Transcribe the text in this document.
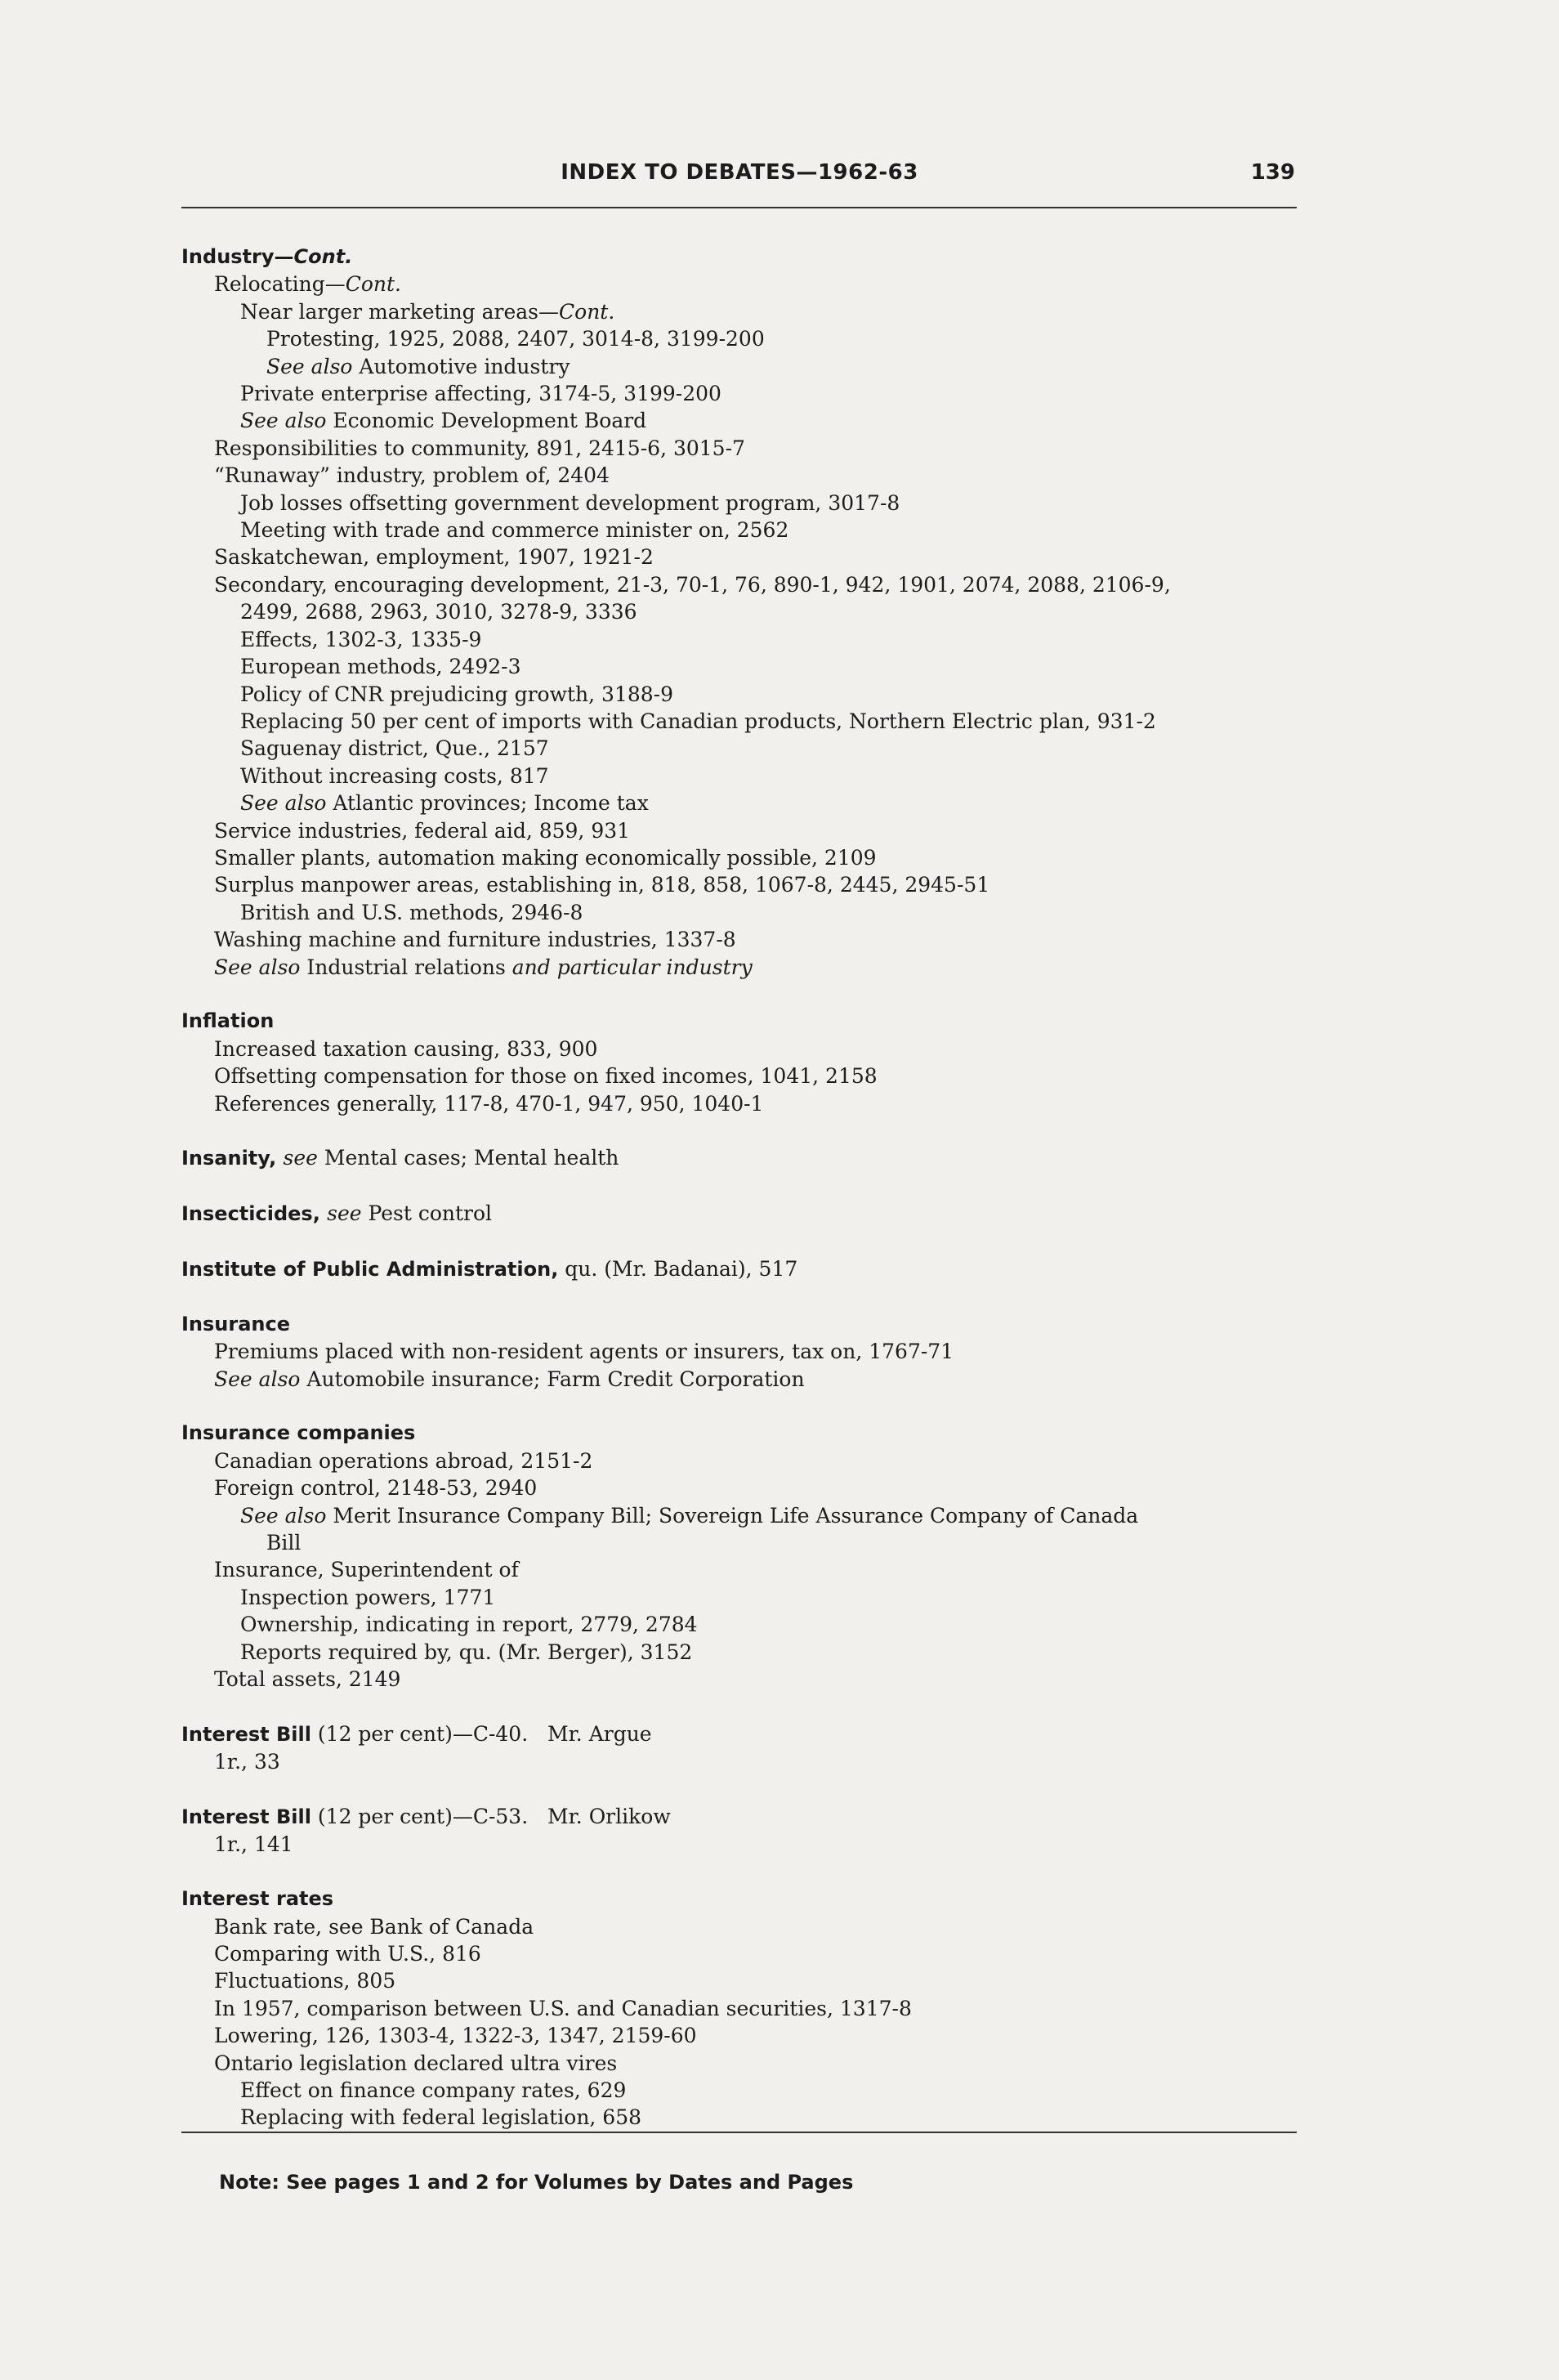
INDEX TO DEBATES—1962-63	139
Industry—Cont.
Relocating—Cont.
Near larger marketing areas—Cont.
Protesting, 1925, 2088, 2407, 3014-8, 3199-200
See also Automotive industry
Private enterprise affecting, 3174-5, 3199-200
See also Economic Development Board
Responsibilities to community, 891, 2415-6, 3015-7
“Runaway” industry, problem of, 2404
Job losses offsetting government development program, 3017-8
Meeting with trade and commerce minister on, 2562
Saskatchewan, employment, 1907, 1921-2
Secondary, encouraging development, 21-3, 70-1, 76, 890-1, 942, 1901, 2074, 2088, 2106-9,
2499, 2688, 2963, 3010, 3278-9, 3336
Effects, 1302-3, 1335-9
European methods, 2492-3
Policy of CNR prejudicing growth, 3188-9
Replacing 50 per cent of imports with Canadian products, Northern Electric plan, 931-2
Saguenay district, Que., 2157
Without increasing costs, 817
See also Atlantic provinces; Income tax
Service industries, federal aid, 859, 931
Smaller plants, automation making economically possible, 2109
Surplus manpower areas, establishing in, 818, 858, 1067-8, 2445, 2945-51
British and U.S. methods, 2946-8
Washing machine and furniture industries, 1337-8
See also Industrial relations and particular industry
Inflation
Increased taxation causing, 833, 900
Offsetting compensation for those on fixed incomes, 1041, 2158
References generally, 117-8, 470-1, 947, 950, 1040-1
Insanity, see Mental cases; Mental health
Insecticides, see Pest control
Institute of Public Administration, qu. (Mr. Badanai), 517
Insurance
Premiums placed with non-resident agents or insurers, tax on, 1767-71
See also Automobile insurance; Farm Credit Corporation
Insurance companies
Canadian operations abroad, 2151-2
Foreign control, 2148-53, 2940
See also Merit Insurance Company Bill; Sovereign Life Assurance Company of Canada
Bill
Insurance, Superintendent of
Inspection powers, 1771
Ownership, indicating in report, 2779, 2784
Reports required by, qu. (Mr. Berger), 3152
Total assets, 2149
Interest Bill (12 per cent)—C-40.   Mr. Argue
1r., 33
Interest Bill (12 per cent)—C-53.   Mr. Orlikow
1r., 141
Interest rates
Bank rate, see Bank of Canada
Comparing with U.S., 816
Fluctuations, 805
In 1957, comparison between U.S. and Canadian securities, 1317-8
Lowering, 126, 1303-4, 1322-3, 1347, 2159-60
Ontario legislation declared ultra vires
Effect on finance company rates, 629
Replacing with federal legislation, 658
Note: See pages 1 and 2 for Volumes by Dates and Pages
